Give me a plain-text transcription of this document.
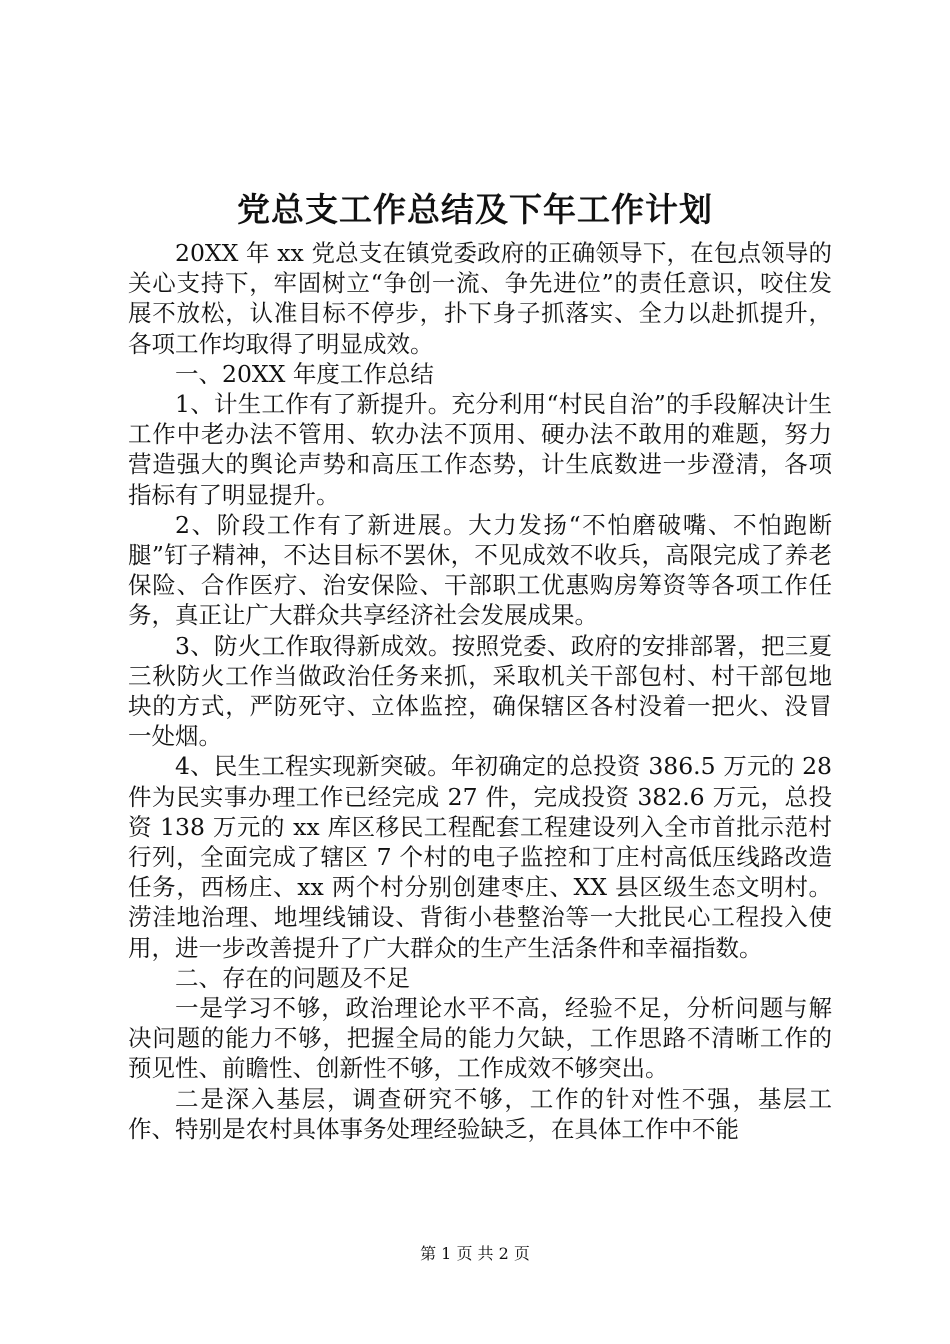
党总支工作总结及下年工作计划

20XX 年 xx 党总支在镇党委政府的正确领导下，在包点领导的关心支持下，牢固树立“争创一流、争先进位”的责任意识，咬住发展不放松，认准目标不停步，扑下身子抓落实、全力以赴抓提升，各项工作均取得了明显成效。

一、20XX 年度工作总结

1、计生工作有了新提升。充分利用“村民自治”的手段解决计生工作中老办法不管用、软办法不顶用、硬办法不敢用的难题，努力营造强大的舆论声势和高压工作态势，计生底数进一步澄清，各项指标有了明显提升。

2、阶段工作有了新进展。大力发扬“不怕磨破嘴、不怕跑断腿”钉子精神，不达目标不罢休，不见成效不收兵，高限完成了养老保险、合作医疗、治安保险、干部职工优惠购房筹资等各项工作任务，真正让广大群众共享经济社会发展成果。

3、防火工作取得新成效。按照党委、政府的安排部署，把三夏三秋防火工作当做政治任务来抓，采取机关干部包村、村干部包地块的方式，严防死守、立体监控，确保辖区各村没着一把火、没冒一处烟。

4、民生工程实现新突破。年初确定的总投资 386.5 万元的 28 件为民实事办理工作已经完成 27 件，完成投资 382.6 万元，总投资 138 万元的 xx 库区移民工程配套工程建设列入全市首批示范村行列，全面完成了辖区 7 个村的电子监控和丁庄村高低压线路改造任务，西杨庄、xx 两个村分别创建枣庄、XX 县区级生态文明村。涝洼地治理、地埋线铺设、背街小巷整治等一大批民心工程投入使用，进一步改善提升了广大群众的生产生活条件和幸福指数。

二、存在的问题及不足

一是学习不够，政治理论水平不高，经验不足，分析问题与解决问题的能力不够，把握全局的能力欠缺，工作思路不清晰工作的预见性、前瞻性、创新性不够，工作成效不够突出。

二是深入基层，调查研究不够，工作的针对性不强，基层工作、特别是农村具体事务处理经验缺乏，在具体工作中不能

第 1 页 共 2 页
